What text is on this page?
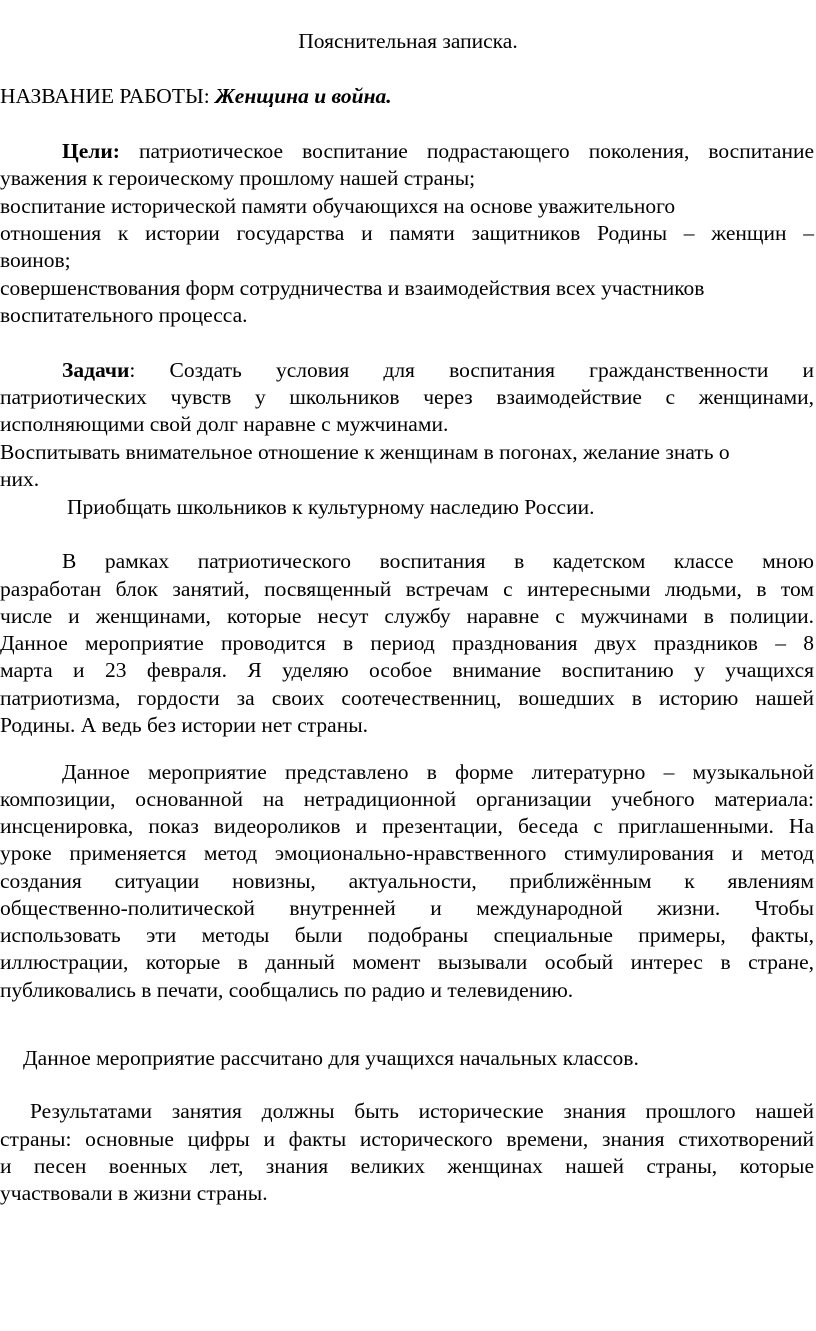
Пояснительная записка.

НАЗВАНИЕ РАБОТЫ: Женщина и война.

Цели: патриотическое воспитание подрастающего поколения, воспитание

уважения к героическому прошлому нашей страны;

воспитание исторической памяти обучающихся на основе уважительного

отношения к истории государства и памяти защитников Родины – женщин –

воинов;

совершенствования форм сотрудничества и взаимодействия всех участников

воспитательного процесса.

Задачи: Создать условия для воспитания гражданственности и

патриотических чувств у школьников через взаимодействие с женщинами,

исполняющими свой долг наравне с мужчинами.

Воспитывать внимательное отношение к женщинам в погонах, желание знать о

них.

Приобщать школьников к культурному наследию России.

В рамках патриотического воспитания в кадетском классе мною

разработан блок занятий, посвященный встречам с интересными людьми, в том

числе и женщинами, которые несут службу наравне с мужчинами в полиции.

Данное мероприятие проводится в период празднования двух праздников – 8

марта и 23 февраля. Я уделяю особое внимание воспитанию у учащихся

патриотизма, гордости за своих соотечественниц, вошедших в историю нашей

Родины. А ведь без истории нет страны.

Данное мероприятие представлено в форме литературно – музыкальной

композиции, основанной на нетрадиционной организации учебного материала:

инсценировка, показ видеороликов и презентации, беседа с приглашенными. На

уроке применяется метод эмоционально-нравственного стимулирования и метод

создания ситуации новизны, актуальности, приближённым к явлениям

общественно-политической внутренней и международной жизни. Чтобы

использовать эти методы были подобраны специальные примеры, факты,

иллюстрации, которые в данный момент вызывали особый интерес в стране,

публиковались в печати, сообщались по радио и телевидению.

Данное мероприятие рассчитано для учащихся начальных классов.

Результатами занятия должны быть исторические знания прошлого нашей

страны: основные цифры и факты исторического времени, знания стихотворений

и песен военных лет, знания великих женщинах нашей страны, которые

участвовали в жизни страны.
